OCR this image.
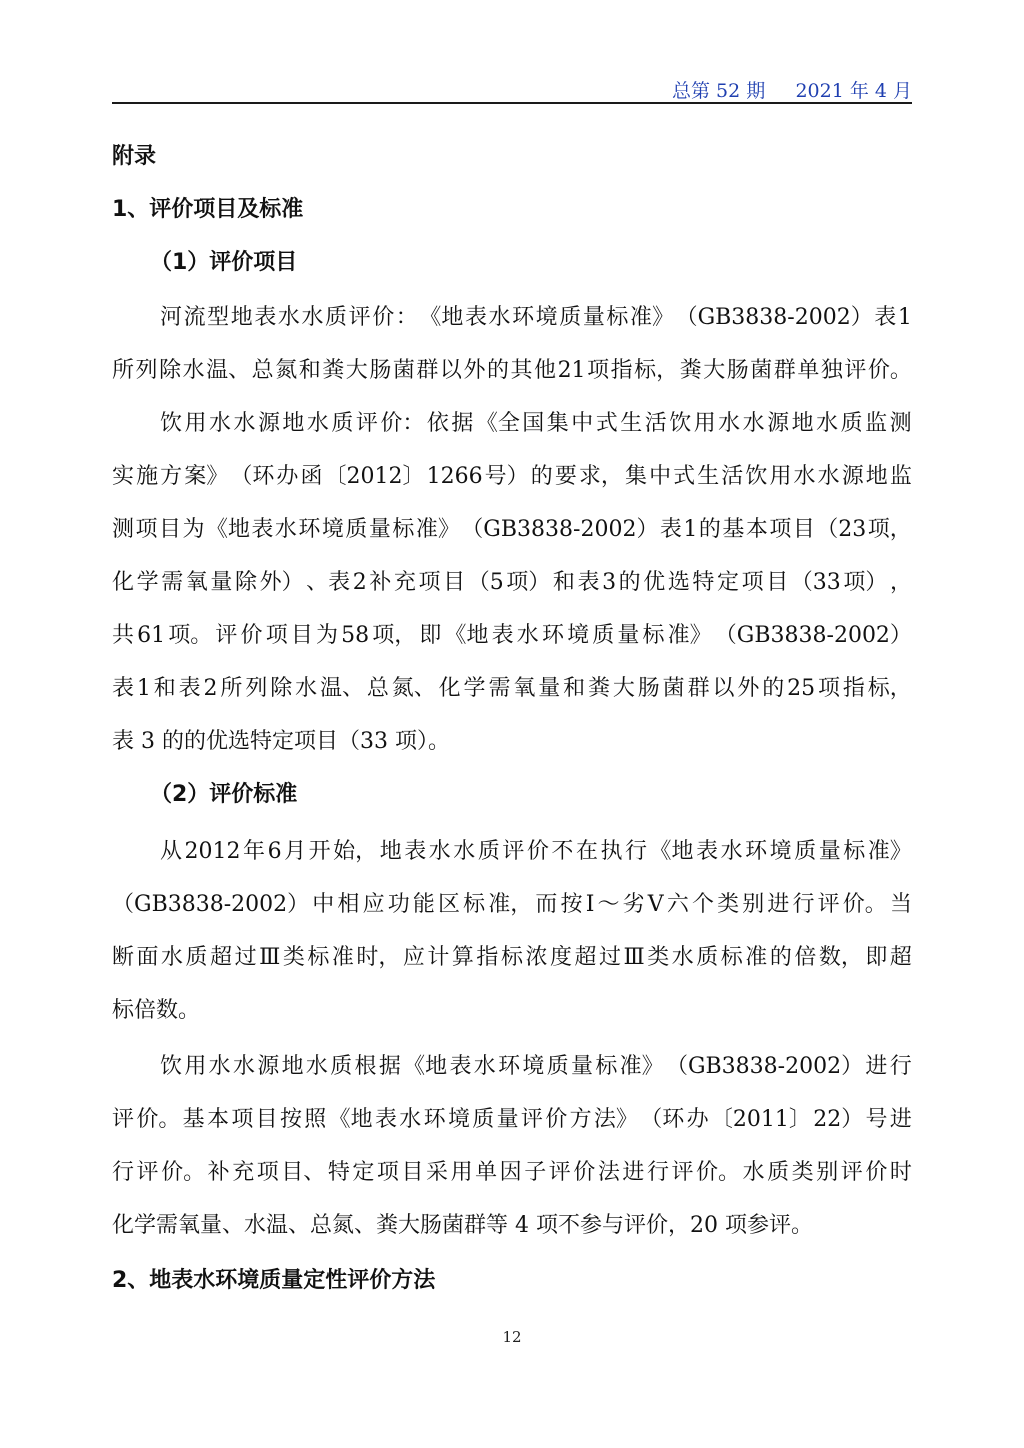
总第 52 期     2021 年 4 月
附录
1、评价项目及标准
（1）评价项目
河 流 型 地 表 水 水 质 评 价 ： 《地 表 水 环 境 质 量 标 准》 （GB3838-2002） 表 1
所 列 除 水 温、 总 氮 和 粪 大 肠 菌 群 以 外 的 其 他 21 项 指 标， 粪 大 肠 菌 群 单 独 评 价。
饮 用 水 水 源 地 水 质 评 价： 依 据 《全 国 集 中 式 生 活 饮 用 水 水 源 地 水 质 监 测
实 施 方 案》 （环 办 函 〔2012〕 1266 号） 的 要 求， 集 中 式 生 活 饮 用 水 水 源 地 监
测 项 目 为 《地 表 水 环 境 质 量 标 准》 （GB3838-2002） 表 1 的 基 本 项 目 （23 项，
化 学 需 氧 量 除 外） 、表 2 补 充 项 目 （5 项） 和 表 3 的 优 选 特 定 项 目 （33 项） ，
共 61 项。 评 价 项 目 为 58 项， 即 《地 表 水 环 境 质 量 标 准》 （GB3838-2002）
表 1 和 表 2 所 列 除 水 温、 总 氮、 化 学 需 氧 量 和 粪 大 肠 菌 群 以 外 的 25 项 指 标，
表 3 的的优选特定项目（33 项）。
（2）评价标准
从 2012 年 6 月 开 始， 地 表 水 水 质 评 价 不 在 执 行 《地 表 水 环 境 质 量 标 准》
（GB3838-2002） 中 相 应 功 能 区 标 准， 而 按 Ⅰ ～ 劣 Ⅴ 六 个 类 别 进 行 评 价。 当
断 面 水 质 超 过 Ⅲ 类 标 准 时， 应 计 算 指 标 浓 度 超 过 Ⅲ 类 水 质 标 准 的 倍 数， 即 超
标倍数。
饮 用 水 水 源 地 水 质 根 据 《地 表 水 环 境 质 量 标 准》 （GB3838-2002） 进 行
评 价。 基 本 项 目 按 照 《地 表 水 环 境 质 量 评 价 方 法》 （环 办 〔2011〕 22） 号 进
行 评 价。 补 充 项 目、 特 定 项 目 采 用 单 因 子 评 价 法 进 行 评 价。 水 质 类 别 评 价 时
化学需氧量、水温、总氮、粪大肠菌群等 4 项不参与评价，20 项参评。
2、地表水环境质量定性评价方法
12
